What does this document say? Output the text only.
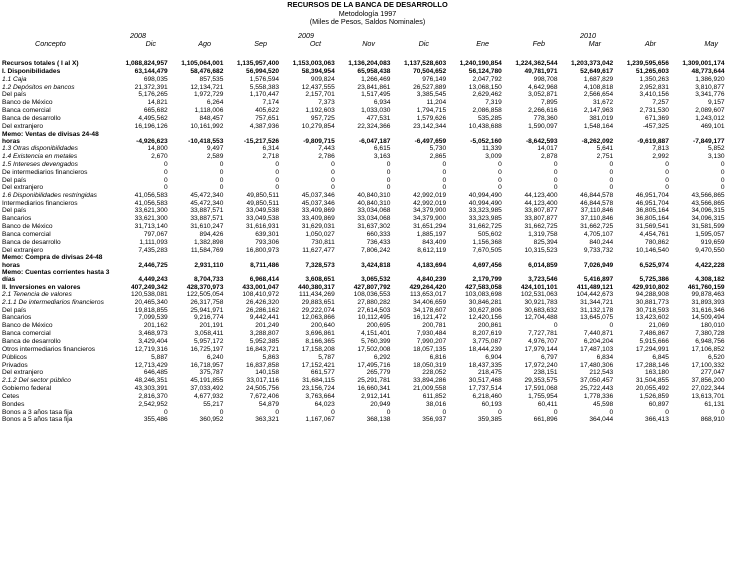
RECURSOS DE LA BANCA DE DESARROLLO
Metodología 1997
(Miles de Pesos, Saldos Nominales)
2008	2009	2010
Concepto	Dic	Ago	Sep	Oct	Nov	Dic	Ene	Feb	Mar	Abr	May
Recursos totales ( I al X)	1,088,824,957	1,105,064,001	1,135,957,400	1,153,003,063	1,136,204,083	1,137,528,603	1,240,190,854	1,224,362,544	1,203,373,042	1,239,595,656	1,309,001,174
I. Disponibilidades	63,144,479	58,476,682	56,994,520	58,394,954	65,958,438	70,504,652	56,124,780	49,781,971	52,649,617	51,265,603	48,773,644
1.1 Caja	698,035	857,535	1,576,594	909,824	1,266,469	976,149	2,047,792	998,708	1,687,829	1,350,263	1,386,920
1.2 Depósitos en bancos	21,372,391	12,134,721	5,558,383	12,437,555	23,841,861	26,527,889	13,068,150	4,642,968	4,108,818	2,952,831	3,810,877
Del país	5,176,265	1,972,729	1,170,447	2,157,701	1,517,495	3,385,545	2,629,462	3,052,871	2,566,654	3,410,156	3,341,776
Banco de México	14,821	6,264	7,174	7,373	6,934	11,204	7,319	7,895	31,672	7,257	9,157
Banca comercial	665,682	1,118,006	405,622	1,192,603	1,033,030	1,794,715	2,086,858	2,266,616	2,147,963	2,731,530	2,089,607
Banca de desarrollo	4,495,562	848,457	757,651	957,725	477,531	1,579,626	535,285	778,360	381,019	671,369	1,243,012
Del extranjero	16,196,126	10,161,992	4,387,936	10,279,854	22,324,366	23,142,344	10,438,688	1,590,097	1,548,164	-457,325	469,101
Memo: Ventas de divisas 24-48 horas	-4,926,623	-10,418,553	-15,217,526	-9,809,715	-6,047,187	-6,497,659	-5,052,160	-8,642,593	-8,262,092	-9,619,887	-7,849,177
1.3 Otras disponibilidades	14,800	9,497	6,314	7,443	6,615	5,730	11,339	14,017	5,641	7,813	5,852
1.4 Existencia en metales	2,670	2,589	2,718	2,786	3,163	2,865	3,009	2,878	2,751	2,992	3,130
1.5 Intereses devengados	0	0	0	0	0	0	0	0	0	0	0
De intermediarios financieros	0	0	0	0	0	0	0	0	0	0	0
Del país	0	0	0	0	0	0	0	0	0	0	0
Del extranjero	0	0	0	0	0	0	0	0	0	0	0
1.6 Disponibilidades restringidas	41,056,583	45,472,340	49,850,511	45,037,346	40,840,310	42,992,019	40,994,490	44,123,400	46,844,578	46,951,704	43,566,865
Intermediarios financieros	41,056,583	45,472,340	49,850,511	45,037,346	40,840,310	42,992,019	40,994,490	44,123,400	46,844,578	46,951,704	43,566,865
Del país	33,621,300	33,887,571	33,049,538	33,409,869	33,034,068	34,379,900	33,323,985	33,807,877	37,110,846	36,805,164	34,096,315
Bancarios	33,621,300	33,887,571	33,049,538	33,409,869	33,034,068	34,379,900	33,323,985	33,807,877	37,110,846	36,805,164	34,096,315
Banco de México	31,713,140	31,610,247	31,616,931	31,629,031	31,637,302	31,651,294	31,662,725	31,662,725	31,662,725	31,569,541	31,581,599
Banca comercial	797,067	894,426	639,301	1,050,027	660,333	1,885,197	505,602	1,319,758	4,705,107	4,454,761	1,595,057
Banca de desarrollo	1,111,093	1,382,898	793,306	730,811	736,433	843,409	1,156,368	825,394	840,244	780,862	919,659
Del extranjero	7,435,283	11,584,769	16,800,973	11,627,477	7,806,242	8,612,119	7,670,505	10,315,523	9,733,732	10,146,540	9,470,550
Memo: Compra de divisas 24-48 horas	2,446,725	2,931,110	8,711,486	7,328,573	3,424,818	4,183,694	4,697,456	6,014,859	7,026,949	6,525,974	4,422,228
Memo: Cuentas corrientes hasta 3 días	4,449,243	8,704,733	6,968,414	3,608,651	3,065,532	4,840,239	2,179,799	3,723,546	5,416,897	5,725,386	4,308,182
II. Inversiones en valores	407,249,342	428,370,973	433,001,047	440,380,317	427,807,792	429,264,420	427,583,058	424,101,101	411,489,121	429,910,802	461,760,159
2.1 Tenencia de valores	120,538,081	122,505,054	108,410,972	111,434,269	108,036,553	113,653,017	103,083,698	102,531,063	104,442,673	94,288,908	99,878,463
2.1.1 De intermediarios financieros	20,465,340	26,317,758	26,426,320	29,883,651	27,880,282	34,406,659	30,846,281	30,921,783	31,344,721	30,881,773	31,893,393
Del país	19,818,855	25,941,971	26,286,162	29,222,074	27,614,503	34,178,607	30,627,806	30,683,632	31,132,178	30,718,593	31,616,346
Bancarios	7,099,539	9,216,774	9,442,441	12,063,866	10,112,495	16,121,472	12,420,156	12,704,488	13,645,075	13,423,602	14,509,494
Banco de México	201,162	201,191	201,249	200,640	200,695	200,781	200,861	0	0	21,069	180,010
Banca comercial	3,468,973	3,058,411	3,288,807	3,696,861	4,151,401	7,930,484	8,207,619	7,727,781	7,440,871	7,486,867	7,380,728
Banca de desarrollo	3,429,404	5,957,172	5,952,385	8,166,365	5,760,399	7,990,207	3,775,087	4,976,707	6,204,204	5,915,666	6,948,756
Otros intermediarios financieros	12,719,316	16,725,197	16,843,721	17,158,208	17,502,008	18,057,135	18,444,239	17,979,144	17,487,103	17,294,991	17,106,852
Públicos	5,887	6,240	5,863	5,787	6,292	6,816	6,904	6,797	6,834	6,845	6,520
Privados	12,713,429	16,718,957	16,837,858	17,152,421	17,495,716	18,050,319	18,437,335	17,972,240	17,480,306	17,288,146	17,100,332
Del extranjero	646,485	375,787	140,158	661,577	265,779	228,052	218,475	238,151	212,543	163,180	277,047
2.1.2 Del sector público	48,246,351	45,191,855	33,017,116	31,684,115	25,291,781	33,894,286	30,517,468	29,353,575	37,050,457	31,504,855	37,856,200
Gobierno federal	43,303,391	37,033,492	24,505,756	23,156,724	16,660,341	21,009,558	17,737,514	17,591,068	25,722,443	20,055,492	27,022,344
Cetes	2,816,370	4,677,932	7,672,406	3,763,664	2,912,141	611,852	6,218,460	1,755,954	1,778,336	1,526,859	13,613,701
Bondes	2,542,952	55,217	54,879	64,023	20,949	38,016	60,193	60,411	45,598	60,897	61,131
Bonos a 3 años tasa fija	0	0	0	0	0	0	0	0	0	0	0
Bonos a 5 años tasa fija	355,486	360,952	363,321	1,167,067	368,138	356,937	359,385	661,896	364,044	366,413	868,910
